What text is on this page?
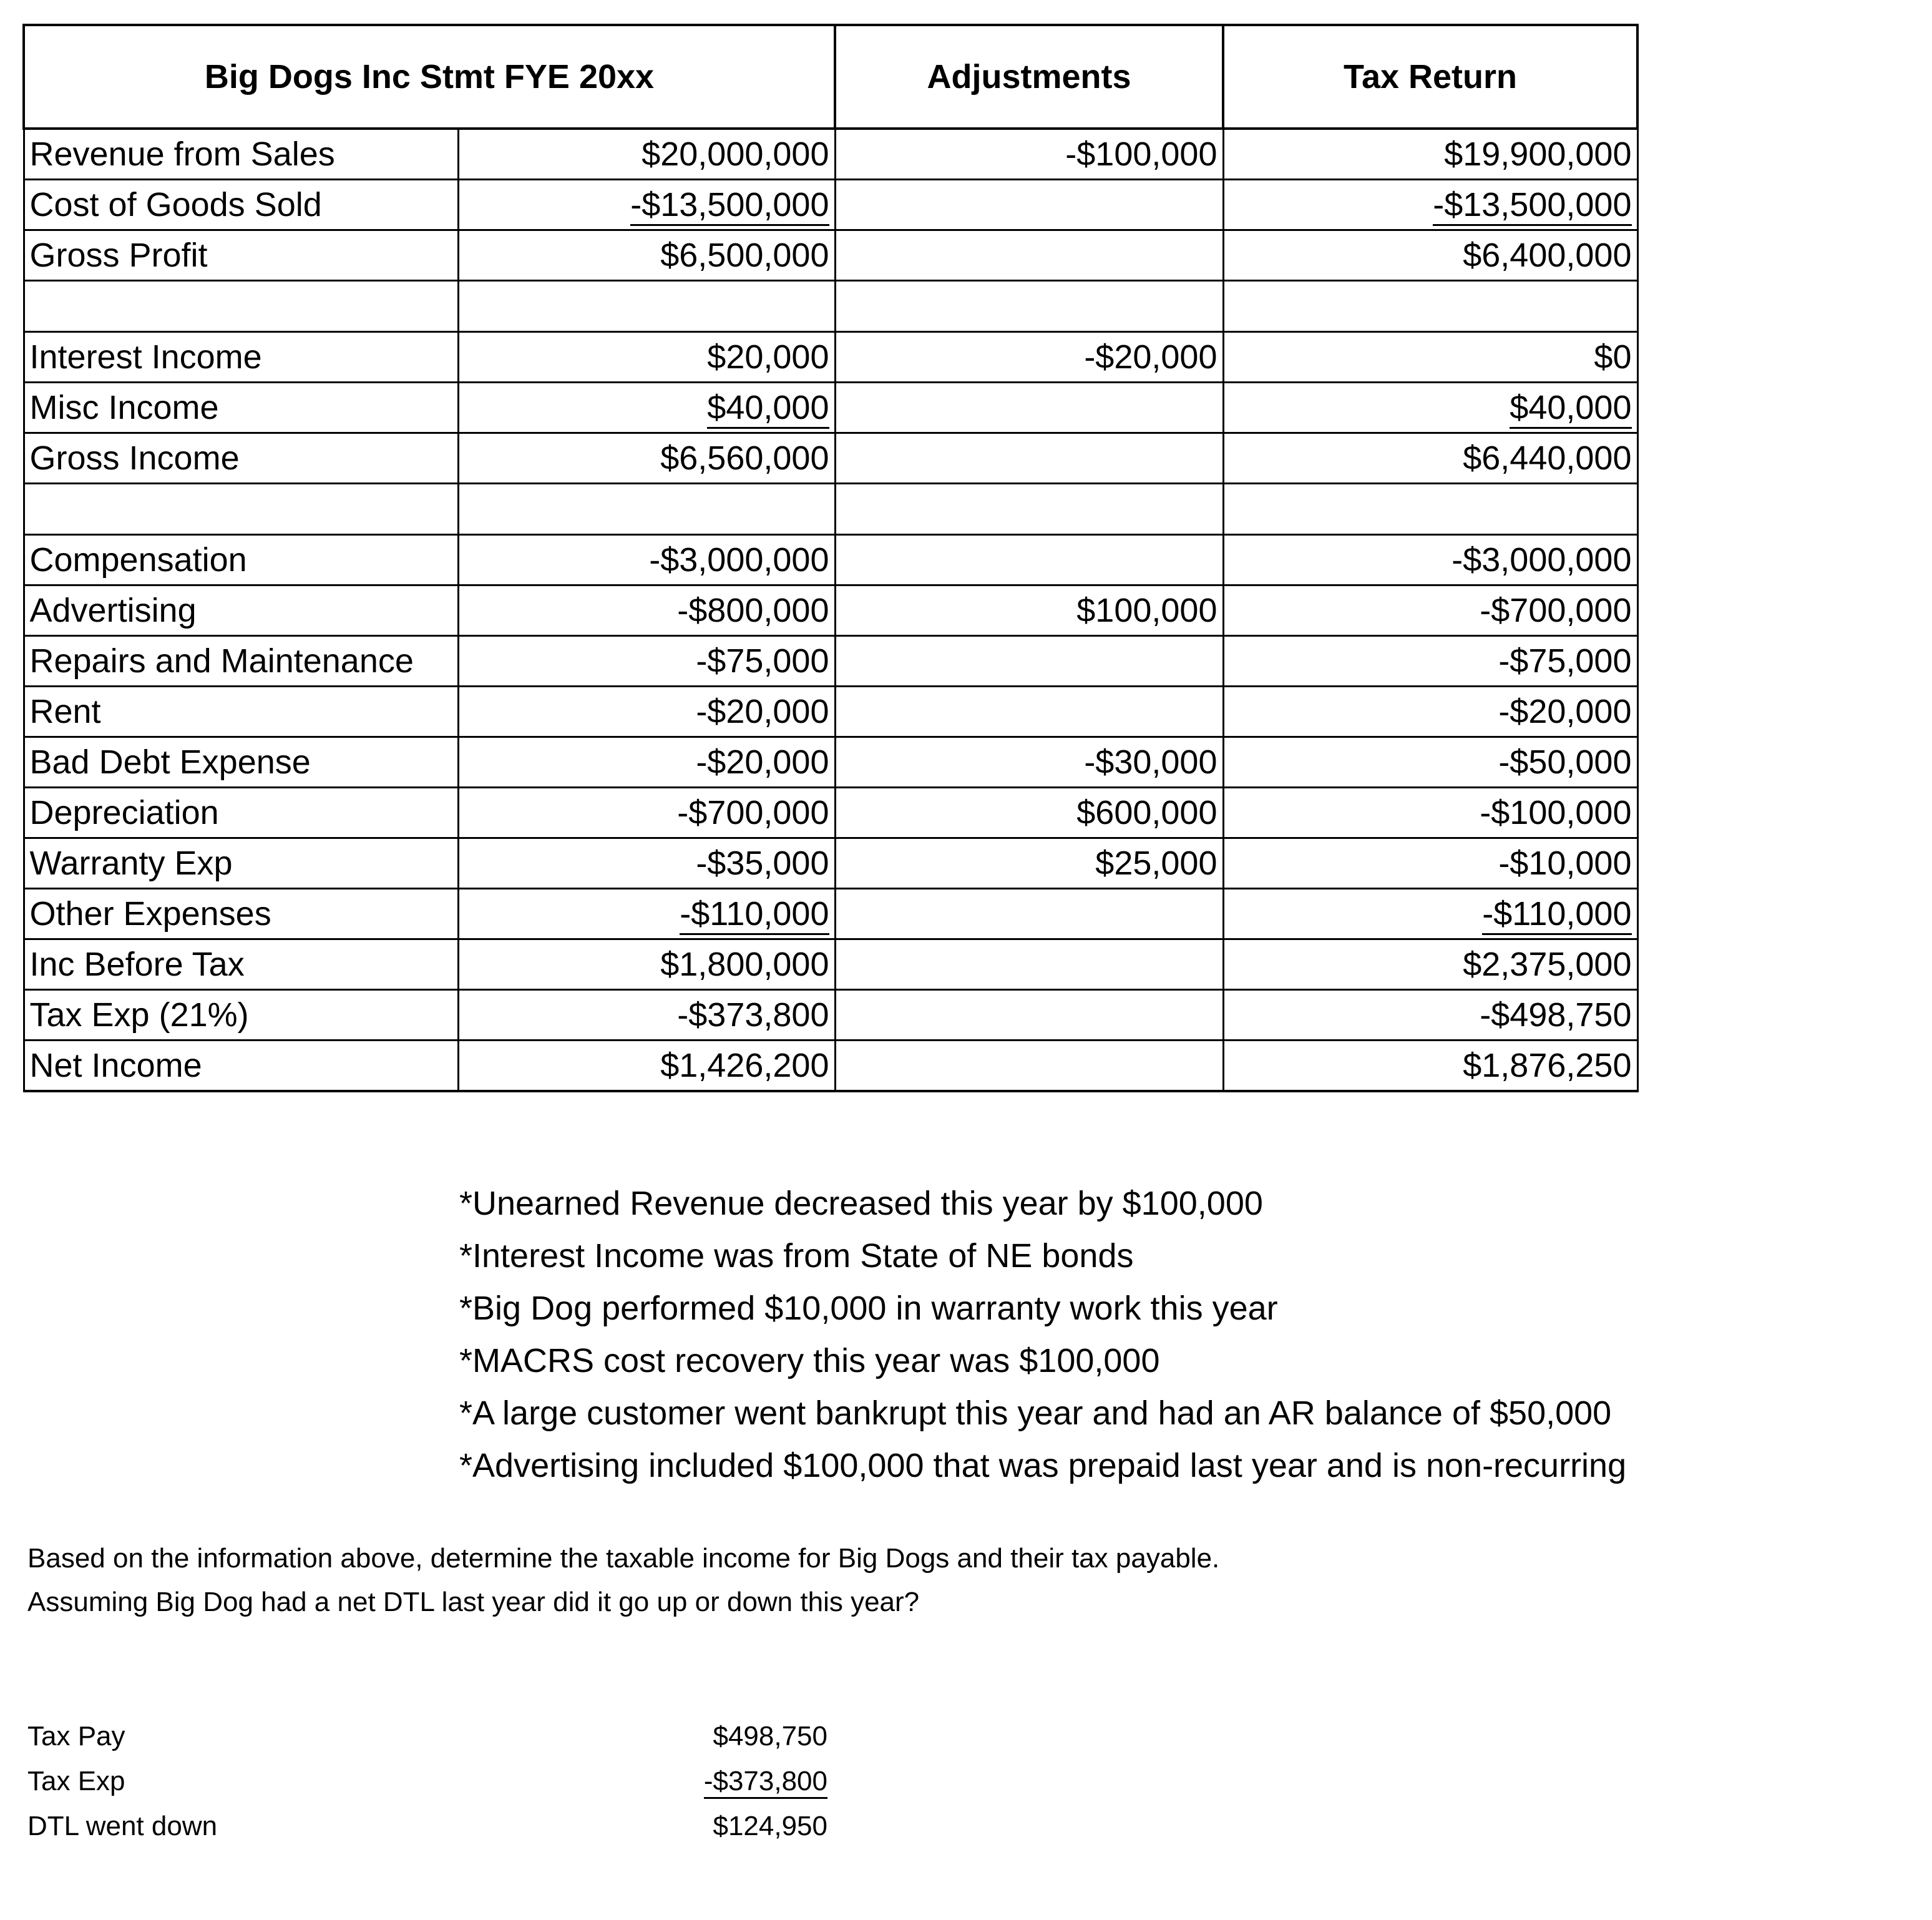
Big Dogs Inc Stmt FYE 20xx		Adjustments	Tax Return
Revenue from Sales	$20,000,000	-$100,000	$19,900,000
Cost of Goods Sold	-$13,500,000		-$13,500,000
Gross Profit	$6,500,000		$6,400,000

Interest Income	$20,000	-$20,000	$0
Misc Income	$40,000		$40,000
Gross Income	$6,560,000		$6,440,000

Compensation	-$3,000,000		-$3,000,000
Advertising	-$800,000	$100,000	-$700,000
Repairs and Maintenance	-$75,000		-$75,000
Rent	-$20,000		-$20,000
Bad Debt Expense	-$20,000	-$30,000	-$50,000
Depreciation	-$700,000	$600,000	-$100,000
Warranty Exp	-$35,000	$25,000	-$10,000
Other Expenses	-$110,000		-$110,000
Inc Before Tax	$1,800,000		$2,375,000
Tax Exp (21%)	-$373,800		-$498,750
Net Income	$1,426,200		$1,876,250
*Unearned Revenue decreased this year by $100,000
*Interest Income was from State of NE bonds
*Big Dog performed $10,000 in warranty work this year
*MACRS cost recovery this year was $100,000
*A large customer went bankrupt this year and had an AR balance of $50,000
*Advertising included $100,000 that was prepaid last year and is non-recurring

Based on the information above, determine the taxable income for Big Dogs and their tax payable.

Assuming Big Dog had a net DTL last year did it go up or down this year?

Tax Pay	$498,750
Tax Exp	-$373,800
DTL went down	$124,950
